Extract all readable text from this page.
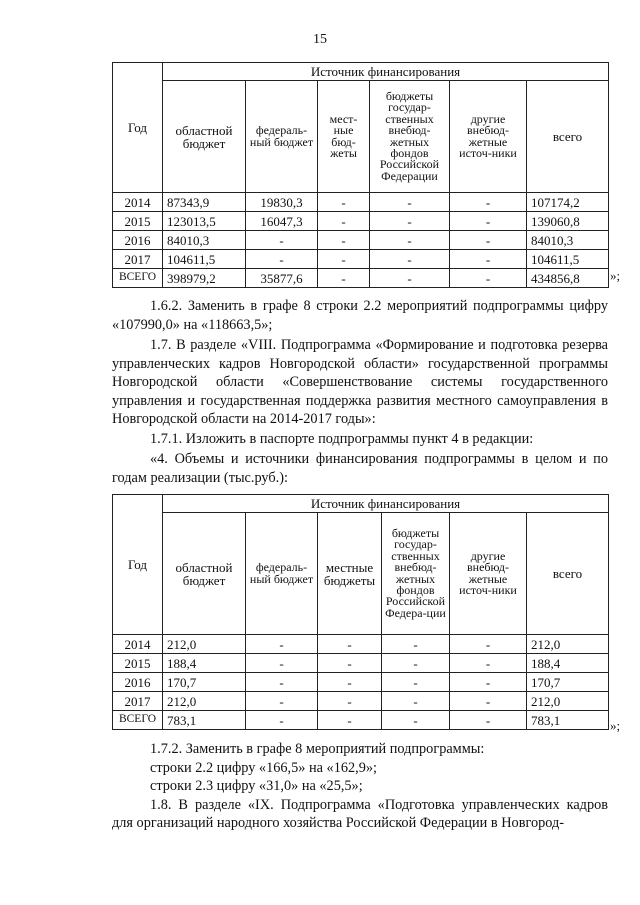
15
Год	Источник финансирования					
	областной бюджет	федераль-ный бюджет	мест-ные бюд-жеты	бюджеты государ-ственных внебюд-жетных фондов Российской Федерации	другие внебюд-жетные источ-ники	всего
2014	87343,9	19830,3	-	-	-	107174,2
2015	123013,5	16047,3	-	-	-	139060,8
2016	84010,3	-	-	-	-	84010,3
2017	104611,5	-	-	-	-	104611,5
ВСЕГО	398979,2	35877,6	-	-	-	434856,8 »;

1.6.2. Заменить в графе 8 строки 2.2 мероприятий подпрограммы цифру «107990,0» на «118663,5»;

1.7. В разделе «VIII. Подпрограмма «Формирование и подготовка резерва управленческих кадров Новгородской области» государственной программы Новгородской области «Совершенствование системы государственного управления и государственная поддержка развития местного самоуправления в Новгородской области на 2014-2017 годы»:

1.7.1. Изложить в паспорте подпрограммы пункт 4 в редакции:

«4. Объемы и источники финансирования подпрограммы в целом и по годам реализации (тыс.руб.):

Год	Источник финансирования					
	областной бюджет	федераль-ный бюджет	местные бюджеты	бюджеты государ-ственных внебюд-жетных фондов Российской Федера-ции	другие внебюд-жетные источ-ники	всего
2014	212,0	-	-	-	-	212,0
2015	188,4	-	-	-	-	188,4
2016	170,7	-	-	-	-	170,7
2017	212,0	-	-	-	-	212,0
ВСЕГО	783,1	-	-	-	-	783,1	»;

1.7.2. Заменить в графе 8 мероприятий подпрограммы:

строки 2.2 цифру «166,5» на «162,9»;

строки 2.3 цифру «31,0» на «25,5»;

1.8. В разделе «IX. Подпрограмма «Подготовка управленческих кадров для организаций народного хозяйства Российской Федерации в Новгород-
